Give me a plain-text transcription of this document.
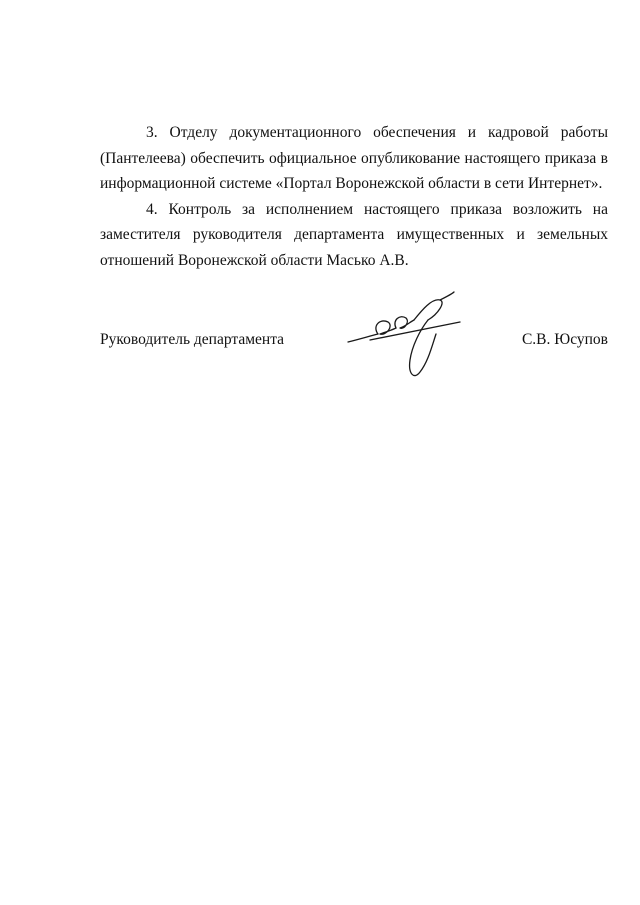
3. Отделу документационного обеспечения и кадровой работы (Пантелеева) обеспечить официальное опубликование настоящего приказа в информационной системе «Портал Воронежской области в сети Интернет».

4. Контроль за исполнением настоящего приказа возложить на заместителя руководителя департамента имущественных и земельных отношений Воронежской области Масько А.В.

Руководитель департамента	С.В. Юсупов
